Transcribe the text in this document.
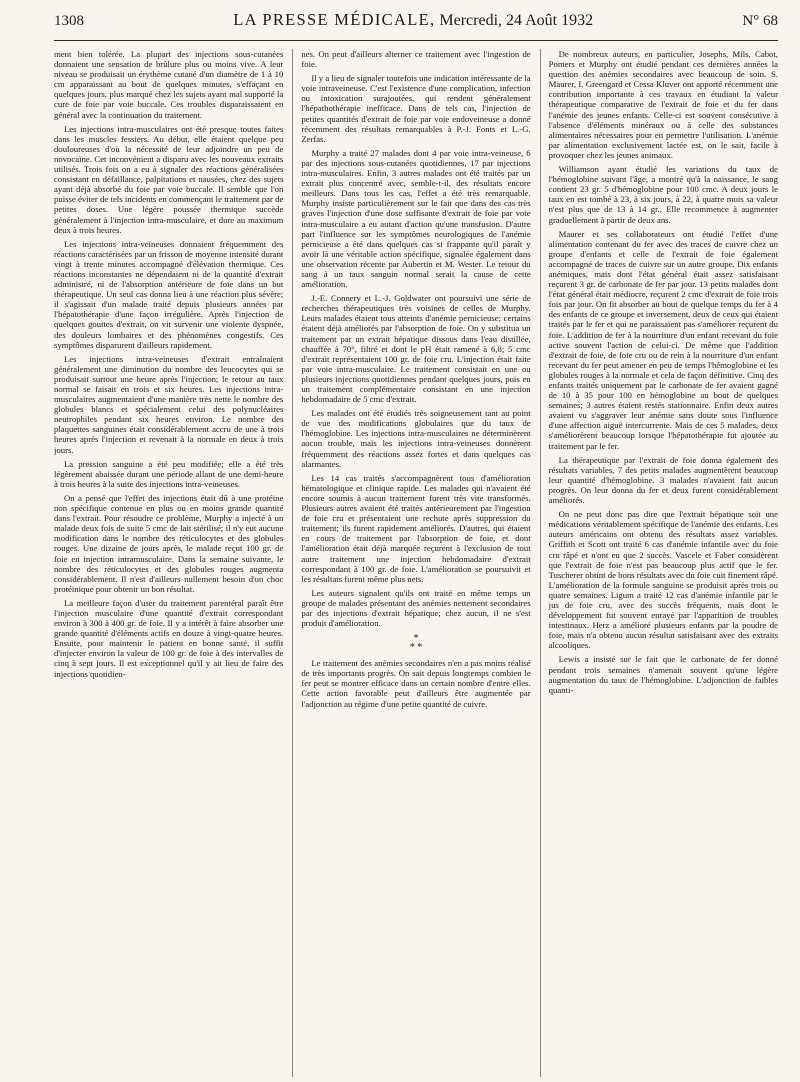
1308	LA PRESSE MÉDICALE, Mercredi, 24 Août 1932	N° 68

ment bien tolérée. La plupart des injections sous-cutanées donnaient une sensation de brûlure plus ou moins vive. A leur niveau se produisait un érythème cutané d'un diamètre de 1 à 10 cm apparaissant au bout de quelques minutes, s'effaçant en quelques jours, plus marqué chez les sujets ayant mal supporté la cure de foie par voie buccale. Ces troubles disparaissaient en général avec la continuation du traitement.

Les injections intra-musculaires ont été presque toutes faites dans les muscles fessiers. Au début, elle étaient quelque peu douloureuses d'où la nécessité de leur adjoindre un peu de novocaïne. Cet inconvénient a disparu avec les nouveaux extraits utilisés. Trois fois on a eu à signaler des réactions généralisées consistant en défaillance, palpitations et nausées, chez des sujets ayant déjà absorbé du foie par voie buccale. Il semble que l'on puisse éviter de tels incidents en commençant le traitement par de petites doses. Une légère poussée thermique succède généralement à l'injection intra-musculaire, et dure au maximum deux à trois heures.

Les injections intra-veineuses donnaient fréquemment des réactions caractérisées par un frisson de moyenne intensité durant vingt à trente minutes accompagné d'élévation thermique. Ces réactions inconstantes ne dépendaient ni de la quantité d'extrait administré, ni de l'absorption antérieure de foie dans un but thérapeutique. Un seul cas donna lieu à une réaction plus sévère; il s'agissait d'un malade traité depuis plusieurs années par l'hépatothérapie d'une façon irrégulière. Après l'injection de quelques gouttes d'extrait, on vit survenir une violente dyspnée, des douleurs lombaires et des phénomènes congestifs. Ces symptômes disparurent d'ailleurs rapidement.

Les injections intra-veineuses d'extrait entraînaient généralement une diminution du nombre des leucocytes qui se produisait surtout une heure après l'injection; le retour au taux normal se faisait en trois et six heures. Les injections intra-musculaires augmentaient d'une manière très nette le nombre des globules blancs et spécialement celui des polynucléaires neutrophiles pendant six heures environ. Le nombre des plaquettes sanguines était considérablement accru de une à trois heures après l'injection et revenait à la normale en deux à trois jours.

La pression sanguine a été peu modifiée; elle a été très légèrement abaissée durant une période allant de une demi-heure à trois heures à la suite des injections intra-veineuses.

On a pensé que l'effet des injections était dû à une protéine non spécifique contenue en plus ou en moins grande quantité dans l'extrait. Pour résoudre ce problème, Murphy a injecté à un malade deux fois de suite 5 cmc de lait stérilisé; il n'y eut aucune modification dans le nombre des réticulocytes et des globules rouges. Une dizaine de jours après, le malade reçut 100 gr. de foie en injection intramusculaire. Dans la semaine suivante, le nombre des réticulocytes et des globules rouges augmenta considérablement. Il n'est d'ailleurs nullement besoin d'un choc protéinique pour obtenir un bon résultat.

La meilleure façon d'user du traitement parentéral paraît être l'injection musculaire d'une quantité d'extrait correspondant environ à 300 à 400 gr. de foie. Il y a intérêt à faire absorber une grande quantité d'éléments actifs en douze à vingt-quatre heures. Ensuite, pour maintenir le patient en bonne santé, il suffit d'injecter environ la valeur de 100 gr. de foie à des intervalles de cinq à sept jours. Il est exceptionnel qu'il y ait lieu de faire des injections quotidien-

nes. On peut d'ailleurs alterner ce traitement avec l'ingestion de foie.

Il y a lieu de signaler toutefois une indication intéressante de la voie intraveineuse. C'est l'existence d'une complication, infection ou intoxication surajoutées, qui rendent généralement l'hépathothérapie inefficace. Dans de tels cas, l'injection de petites quantités d'extrait de foie par voie endoveineuse a donné récemment des résultats remarquables à P.-J. Fonts et L.-G. Zerfas.

Murphy a traité 27 malades dont 4 par voie intra-veineuse, 6 par des injections sous-cutanées quotidiennes, 17 par injections intra-musculaires. Enfin, 3 autres malades ont été traités par un extrait plus concentré avec, semble-t-il, des résultats encore meilleurs. Dans tous les cas, l'effet a été très remarquable. Murphy insiste particulièrement sur le fait que dans des cas très graves l'injection d'une dose suffisante d'extrait de foie par voie intra-musculaire a eu autant d'action qu'une transfusion. D'autre part l'influence sur les symptômes neurologiques de l'anémie pernicieuse a été dans quelques cas si frappante qu'il paraît y avoir là une véritable action spécifique, signalée également dans une observation récente par Aubertin et M. Wester. Le retour du sang à un taux sanguin normal serait la cause de cette amélioration.

J.-E. Connery et L.-J. Goldwater ont poursuivi une série de recherches thérapeutiques très voisines de celles de Murphy. Leurs malades étaient tous atteints d'anémie pernicieuse; certains étaient déjà améliorés par l'absorption de foie. On y substitua un traitement par un extrait hépatique dissous dans l'eau distillée, chauffée à 70°, filtré et dont le pH était ramené à 6,8; 5 cmc d'extrait représentaient 100 gr. de foie cru. L'injection était faite par voie intra-musculaire. Le traitement consistait en une ou plusieurs injections quotidiennes pendant quelques jours, puis en un traitement complémentaire consistant en une injection hebdomadaire de 5 cmc d'extrait.

Les malades ont été étudiés très soigneusement tant au point de vue des modifications globulaires que du taux de l'hémoglobine. Les injections intra-musculaires ne déterminèrent aucun trouble, mais les injections intra-veineuses donnèrent fréquemment des réactions assez fortes et dans quelques cas alarmantes.

Les 14 cas traités s'accompagnèrent tous d'amélioration hématologique et clinique rapide. Les malades qui n'avaient été encore soumis à aucun traitement furent très vite transformés. Plusieurs autres avaient été traités antérieurement par l'ingestion de foie cru et présentaient une rechute après suppression du traitement; ils furent rapidement améliorés. D'autres, qui étaient en cours de traitement par l'absorption de foie, et dont l'amélioration était déjà marquée reçurent à l'exclusion de tout autre traitement une injection hebdomadaire d'extrait correspondant à 100 gr. de foie. L'amélioration se poursuivit et les résultats furent même plus nets.

Les auteurs signalent qu'ils ont traité en même temps un groupe de malades présentant des anémies nettement secondaires par des injections d'extrait hépatique; chez aucun, il ne s'est produit d'amélioration.

*
* *

Le traitement des anémies secondaires n'en a pas moins réalisé de très importants progrès. On sait depuis longtemps combien le fer peut se montrer efficace dans un certain nombre d'entre elles. Cette action favorable peut d'ailleurs être augmentée par l'adjonction au régime d'une petite quantité de cuivre.

De nombreux auteurs, en particulier, Josephs, Mils, Cabot, Pomers et Murphy ont étudié pendant ces dernières années la question des anémies secondaires avec beaucoup de soin. S. Maurer, I. Greengard et Cessa Kluver ont apporté récemment une contribution importante à ces travaux en étudiant la valeur thérapeutique comparative de l'extrait de foie et du fer dans l'anémie des jeunes enfants. Celle-ci est souvent consécutive à l'absence d'éléments minéraux ou à celle des substances alimentaires nécessaires pour en permettre l'utilisation. L'anémie par alimentation exclusivement lactée est, on le sait, facile à provoquer chez les jeunes animaux.

Williamson ayant étudié les variations du taux de l'hémoglobine suivant l'âge, a montré qu'à la naissance, le sang contient 23 gr. 5 d'hémoglobine pour 100 cmc. A deux jours le taux en est tombé à 23, à six jours, à 22, à quatre mois sa valeur n'est plus que de 13 à 14 gr., Elle recommence à augmenter graduellement à partir de deux ans.

Maurer et ses collaborateurs ont étudié l'effet d'une alimentation contenant du fer avec des traces de cuivre chez un groupe d'enfants et celle de l'extrait de foie également accompagné de traces de cuivre sur un autre groupe. Dix enfants anémiques, mais dont l'état général était assez satisfaisant reçurent 3 gr. de carbonate de fer par jour. 13 petits malades dont l'état général était médiocre, reçurent 2 cmc d'extrait de foie trois fois par jour. On fit absorber au bout de quelque temps du fer à 4 des enfants de ce groupe et inversement, deux de ceux qui étaient traités par le fer et qui ne paraissaient pas s'améliorer reçurent du foie. L'addition de fer à la nourriture d'un enfant recevant du foie active souvent l'action de celui-ci. De même que l'addition d'extrait de foie, de foie cru ou de rein à la nourriture d'un enfant recevant du fer peut amener en peu de temps l'hémoglobine et les globules rouges à la normale et cela de façon définitive. Cinq des enfants traités uniquement par le carbonate de fer avaient gagné de 10 à 35 pour 100 en hémoglobine au bout de quelques semaines; 3 autres étaient restés stationnaire. Enfin deux autres avaient vu s'aggraver leur anémie sans doute sous l'influence d'une affection aiguë intercurrente. Mais de ces 5 malades, deux s'améliorèrent beaucoup lorsque l'hépatothérapie fut ajoutée au traitement par le fer.

La thérapeutique par l'extrait de foie donna également des résultats variables, 7 des petits malades augmentèrent beaucoup leur quantité d'hémoglobine. 3 malades n'avaient fait aucun progrès. On leur donna du fer et deux furent considérablement améliorés.

On ne peut donc pas dire que l'extrait hépatique soit une médications véritablement spécifique de l'anémie des enfants. Les auteurs américains ont obtenu des résultats assez variables. Griffith et Scott ont traité 6 cas d'anémie infantile avec du foie cru râpé et n'ont eu que 2 succès. Vascele et Faber considèrent que l'extrait de foie n'est pas beaucoup plus actif que le fer. Tuscherer obtint de bons résultats avec du foie cuit finement râpé. L'amélioration de la formule sanguine se produisit après trois ou quatre semaines. Ligum a traité 12 cas d'anémie infantile par le jus de foie cru, avec des succès fréquents, mais dont le développement fut souvent enrayé par l'apparition de troubles intestinaux. Herz a amélioré plusieurs enfants par la poudre de foie, mais n'a obtenu aucun résultat satisfaisant avec des extraits alcooliques.

Lewis a insisté sur le fait que le carbonate de fer donné pendant trois semaines n'amenait souvent qu'une légère augmentation du taux de l'hémoglobine. L'adjonction de faibles quanti-
